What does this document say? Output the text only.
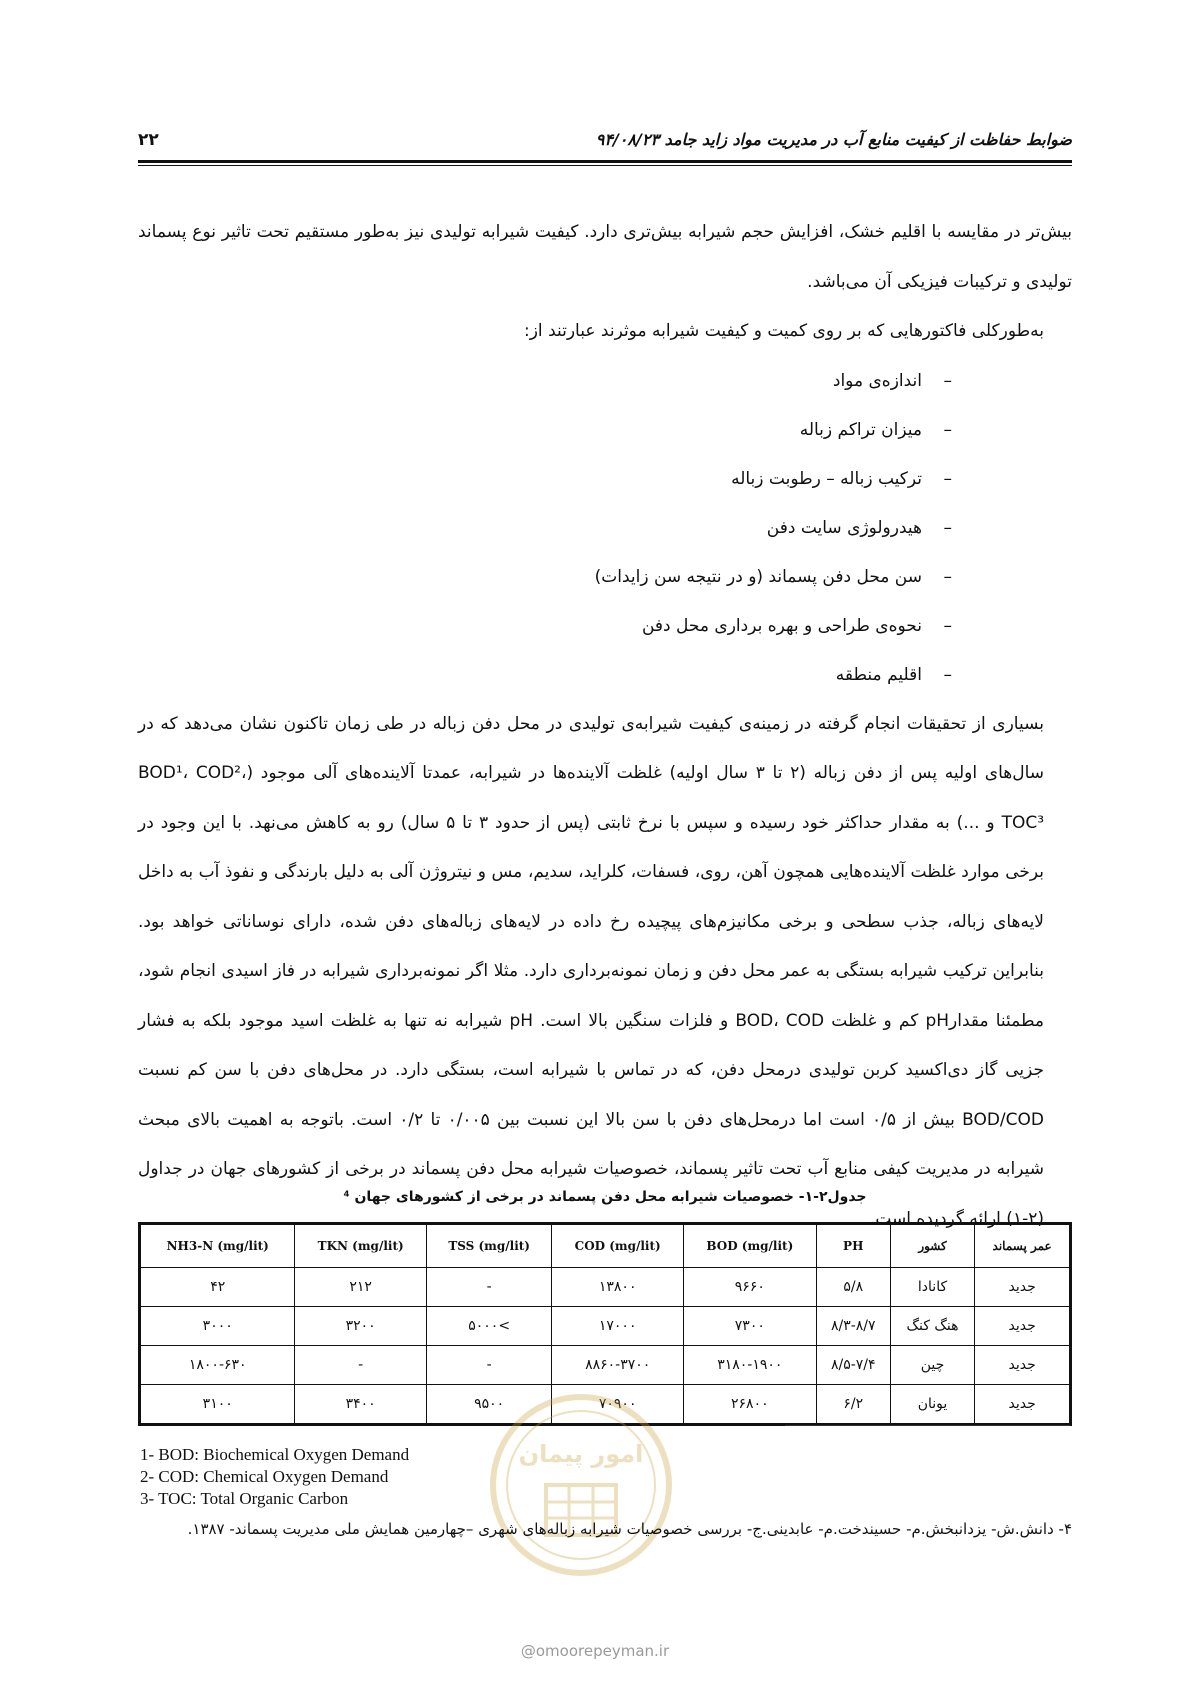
۲۲	ضوابط حفاظت از کیفیت منابع آب در مدیریت مواد زاید جامد ۹۴/۰۸/۲۳

بیش‌تر در مقایسه با اقلیم خشک، افزایش حجم شیرابه بیش‌تری دارد. کیفیت شیرابه تولیدی نیز به‌طور مستقیم تحت تاثیر نوع پسماند تولیدی و ترکیبات فیزیکی آن می‌باشد.

به‌طورکلی فاکتورهایی که بر روی کمیت و کیفیت شیرابه موثرند عبارتند از:

–اندازه‌ی مواد
–میزان تراکم زباله
–ترکیب زباله – رطوبت زباله
–هیدرولوژی سایت دفن
–سن محل دفن پسماند (و در نتیجه سن زایدات)
–نحوه‌ی طراحی و بهره برداری محل دفن
–اقلیم منطقه

بسیاری از تحقیقات انجام گرفته در زمینه‌ی کیفیت شیرابه‌ی تولیدی در محل دفن زباله در طی زمان تاکنون نشان می‌دهد که در سال‌های اولیه پس از دفن زباله (۲ تا ۳ سال اولیه) غلظت آلاینده‌ها در شیرابه، عمدتا آلاینده‌های آلی موجود (BOD¹، COD²، TOC³ و ...) به مقدار حداکثر خود رسیده و سپس با نرخ ثابتی (پس از حدود ۳ تا ۵ سال) رو به کاهش می‌نهد. با این وجود در برخی موارد غلظت آلاینده‌هایی همچون آهن، روی، فسفات، کلراید، سدیم، مس و نیتروژن آلی به دلیل بارندگی و نفوذ آب به داخل لایه‌های زباله، جذب سطحی و برخی مکانیزم‌های پیچیده رخ داده در لایه‌های زباله‌های دفن شده، دارای نوساناتی خواهد بود. بنابراین ترکیب شیرابه بستگی به عمر محل دفن و زمان نمونه‌برداری دارد. مثلا اگر نمونه‌برداری شیرابه در فاز اسیدی انجام شود، مطمئنا مقدارpH کم و غلظت BOD، COD و فلزات سنگین بالا است. pH شیرابه نه تنها به غلظت اسید موجود بلکه به فشار جزیی گاز دی‌اکسید کربن تولیدی درمحل دفن، که در تماس با شیرابه است، بستگی دارد. در محل‌های دفن با سن کم نسبت BOD/COD بیش از ۰/۵ است اما درمحل‌های دفن با سن بالا این نسبت بین ۰/۰۰۵ تا ۰/۲ است. باتوجه به اهمیت بالای مبحث شیرابه در مدیریت کیفی منابع آب تحت تاثیر پسماند، خصوصیات شیرابه محل دفن پسماند در برخی از کشورهای جهان در جداول (۲-۱) ارائه گردیده است.

جدول۲-۱- خصوصیات شیرابه محل دفن پسماند در برخی از کشورهای جهان ⁴
عمر پسماند	کشور	PH	BOD (mg/lit)	COD (mg/lit)	TSS (mg/lit)	TKN (mg/lit)	NH3-N (mg/lit)
جدید	کانادا	۵/۸	۹۶۶۰	۱۳۸۰۰	-	۲۱۲	۴۲
جدید	هنگ کنگ	۸/۳-۸/۷	۷۳۰۰	۱۷۰۰۰	>۵۰۰۰	۳۲۰۰	۳۰۰۰
جدید	چین	۸/۵-۷/۴	۳۱۸۰-۱۹۰۰	۸۸۶۰-۳۷۰۰	-	-	۱۸۰۰-۶۳۰
جدید	یونان	۶/۲	۲۶۸۰۰	۷۰۹۰۰	۹۵۰۰	۳۴۰۰	۳۱۰۰
امور پیمان
1- BOD: Biochemical Oxygen Demand
2- COD: Chemical Oxygen Demand
3- TOC: Total Organic Carbon
۴- دانش.ش- یزدانبخش.م- حسیندخت.م- عابدینی.ج- بررسی خصوصیات شیرابه زباله‌های شهری –چهارمین همایش ملی مدیریت پسماند- ۱۳۸۷.
@omoorepeyman.ir
